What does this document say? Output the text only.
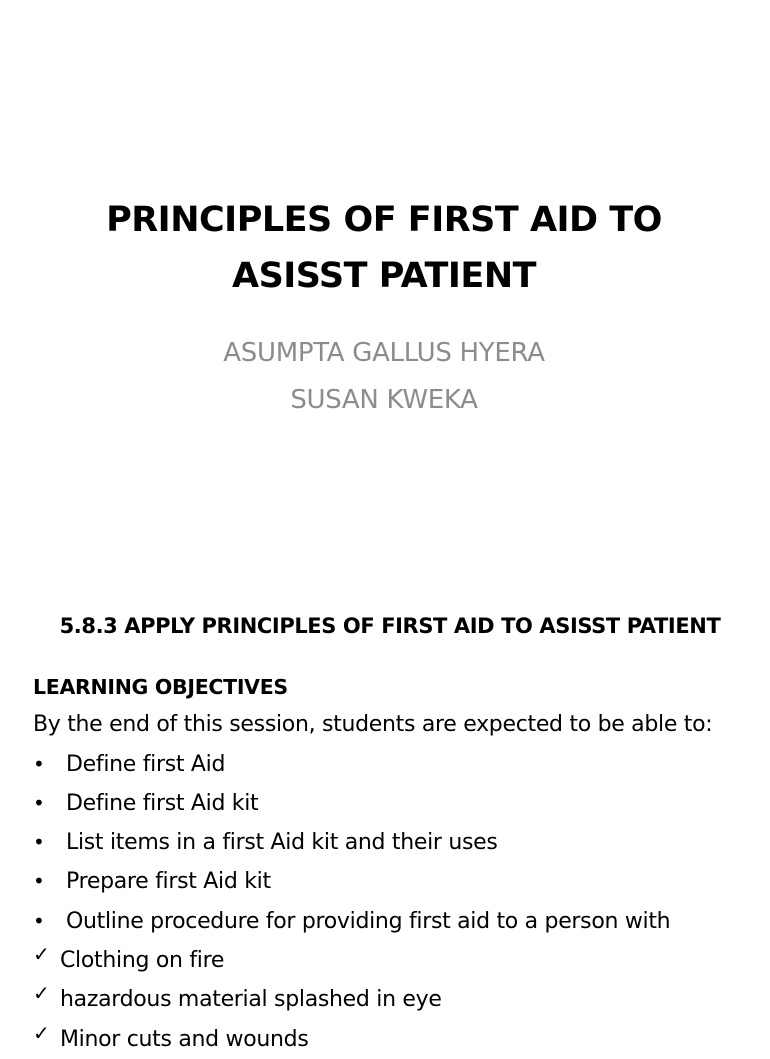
PRINCIPLES OF FIRST AID TO
ASISST PATIENT
ASUMPTA GALLUS HYERA
SUSAN KWEKA
5.8.3 APPLY PRINCIPLES OF FIRST AID TO ASISST PATIENT
LEARNING OBJECTIVES
By the end of this session, students are expected to be able to:
• Define first Aid
• Define first Aid kit
• List items in a first Aid kit and their uses
• Prepare first Aid kit
• Outline procedure for providing first aid to a person with
✓ Clothing on fire
✓ hazardous material splashed in eye
✓ Minor cuts and wounds
